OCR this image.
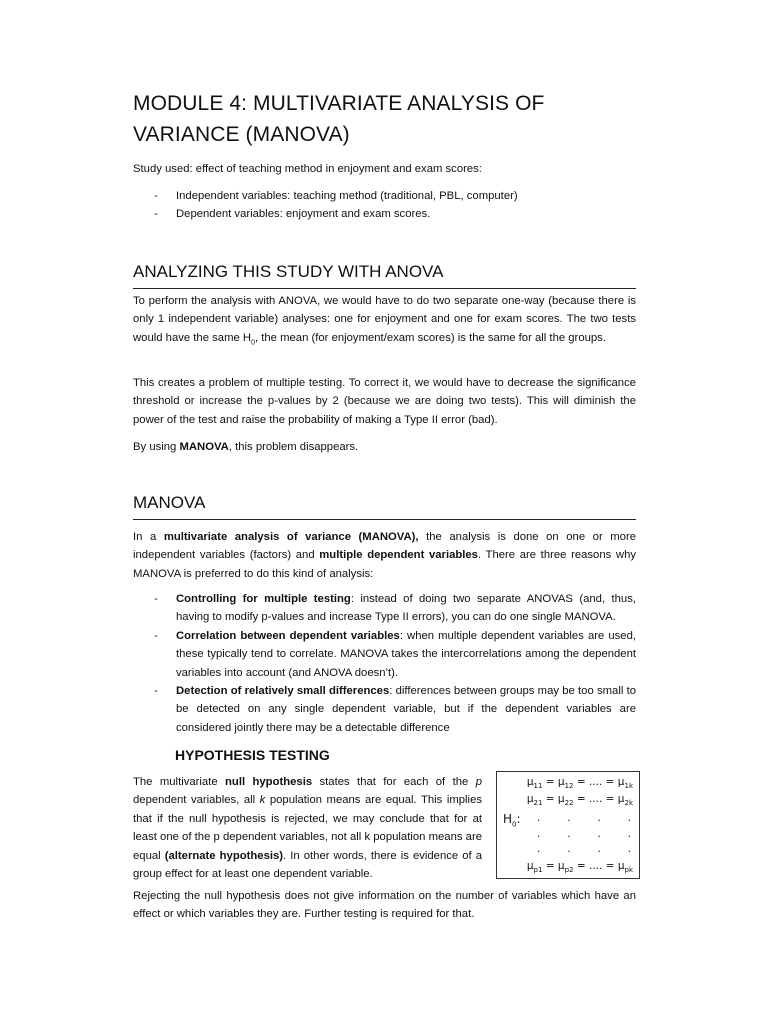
MODULE 4: MULTIVARIATE ANALYSIS OF VARIANCE (MANOVA)

Study used: effect of teaching method in enjoyment and exam scores:

- Independent variables: teaching method (traditional, PBL, computer)
- Dependent variables: enjoyment and exam scores.
ANALYZING THIS STUDY WITH ANOVA

To perform the analysis with ANOVA, we would have to do two separate one-way (because there is only 1 independent variable) analyses: one for enjoyment and one for exam scores. The two tests would have the same $H_0$, the mean (for enjoyment/exam scores) is the same for all the groups.

This creates a problem of multiple testing. To correct it, we would have to decrease the significance threshold or increase the p-values by 2 (because we are doing two tests). This will diminish the power of the test and raise the probability of making a Type II error (bad).

By using MANOVA, this problem disappears.

MANOVA

In a multivariate analysis of variance (MANOVA), the analysis is done on one or more independent variables (factors) and multiple dependent variables. There are three reasons why MANOVA is preferred to do this kind of analysis:

- Controlling for multiple testing: instead of doing two separate ANOVAS (and, thus, having to modify p-values and increase Type II errors), you can do one single MANOVA.
- Correlation between dependent variables: when multiple dependent variables are used, these typically tend to correlate. MANOVA takes the intercorrelations among the dependent variables into account (and ANOVA doesn’t).
- Detection of relatively small differences: differences between groups may be too small to be detected on any single dependent variable, but if the dependent variables are considered jointly there may be a detectable difference
HYPOTHESIS TESTING

The multivariate null hypothesis states that for each of the p dependent variables, all k population means are equal. This implies that if the null hypothesis is rejected, we may conclude that for at least one of the p dependent variables, not all k population means are equal (alternate hypothesis). In other words, there is evidence of a group effect for at least one dependent variable.

$\mu_{11} = \mu_{12}$ = .... = $\mu_{1k}$
$\mu_{21} = \mu_{22}$ = .... = $\mu_{2k}$
$H_0$: .	.	.	.
.	.	.	.
.	.	.	.
$\mu_{p1} = \mu_{p2}$ = .... = $\mu_{pk}$

Rejecting the null hypothesis does not give information on the number of variables which have an effect or which variables they are. Further testing is required for that.
